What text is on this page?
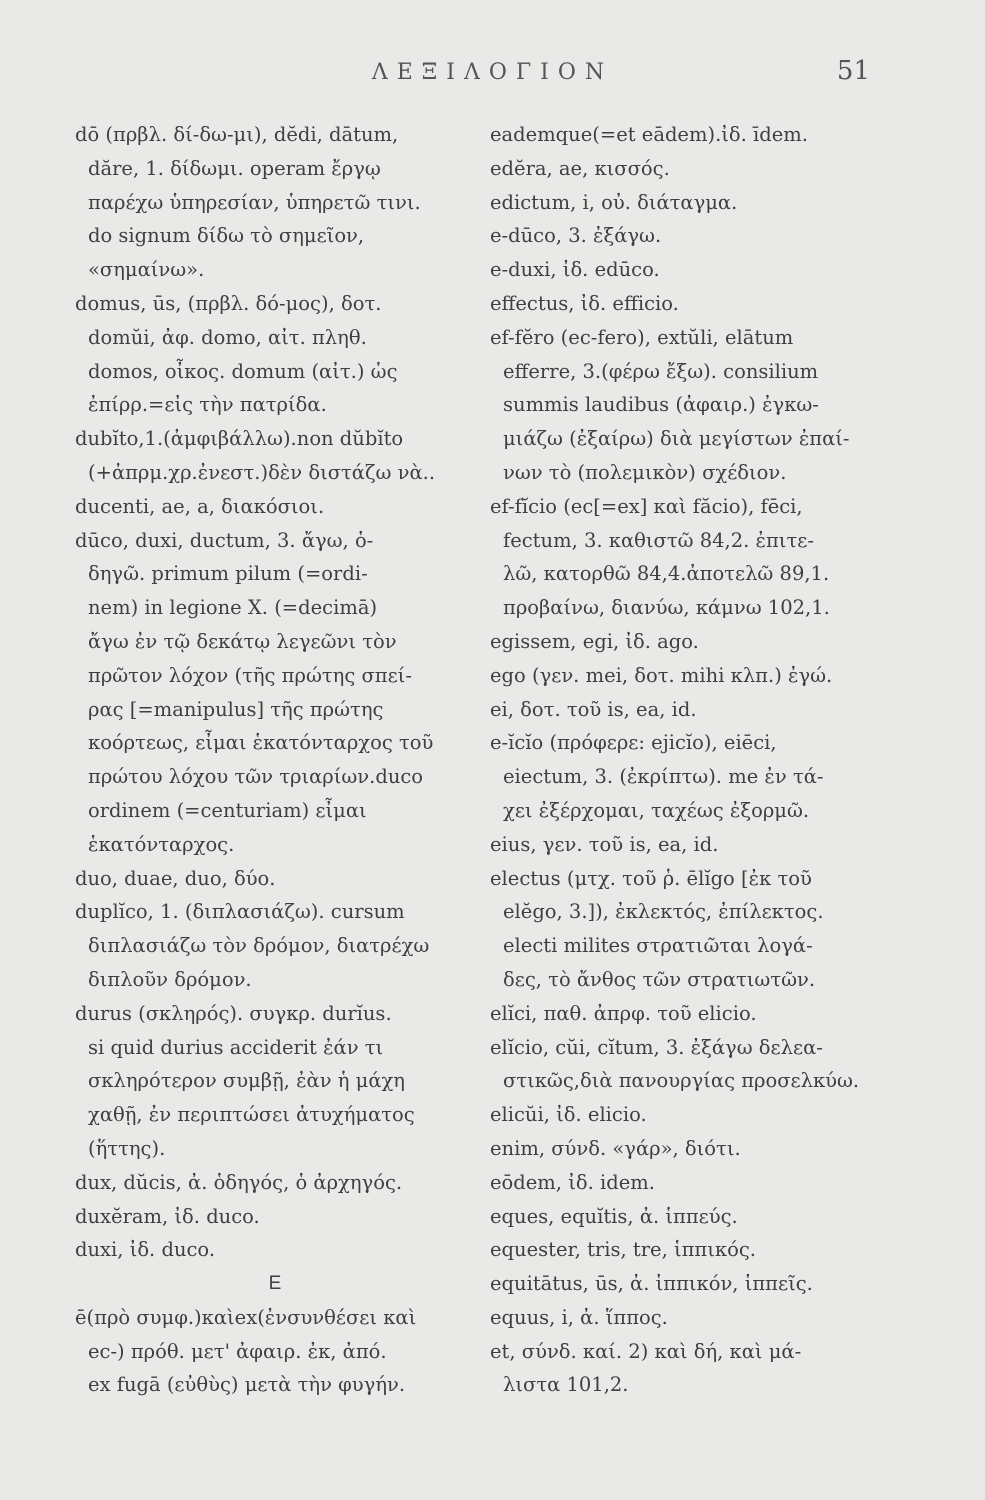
ΛΕΞΙΛΟΓΙΟΝ	51
dō (πρβλ. δί-δω-μι), dĕdi, dātum,
dăre, 1. δίδωμι. operam ἔργῳ
παρέχω ὑπηρεσίαν, ὑπηρετῶ τινι.
do signum δίδω τὸ σημεῖον,
«σημαίνω».
domus, ūs, (πρβλ. δό-μος), δοτ.
domŭi, ἀφ. domo, αἰτ. πληθ.
domos, οἶκος. domum (αἰτ.) ὡς
ἐπίρρ.=εἰς τὴν πατρίδα.
dubĭto,1.(ἀμφιβάλλω).non dŭbĭto
(+ἀπρμ.χρ.ἐνεστ.)δὲν διστάζω νὰ..
ducenti, ae, a, διακόσιοι.
dūco, duxi, ductum, 3. ἄγω, ὁ-
δηγῶ. primum pilum (=ordi-
nem) in legione X. (=decimā)
ἄγω ἐν τῷ δεκάτῳ λεγεῶνι τὸν
πρῶτον λόχον (τῆς πρώτης σπεί-
ρας [=manipulus] τῆς πρώτης
κοόρτεως, εἶμαι ἑκατόνταρχος τοῦ
πρώτου λόχου τῶν τριαρίων.duco
ordinem (=centuriam) εἶμαι
ἑκατόνταρχος.
duo, duae, duo, δύο.
duplĭco, 1. (διπλασιάζω). cursum
διπλασιάζω τὸν δρόμον, διατρέχω
διπλοῦν δρόμον.
durus (σκληρός). συγκρ. durĭus.
si quid durius acciderit ἐάν τι
σκληρότερον συμβῇ, ἐὰν ἡ μάχη
χαθῇ, ἐν περιπτώσει ἀτυχήματος
(ἥττης).
dux, dŭcis, ἀ. ὁδηγός, ὁ ἀρχηγός.
duxĕram, ἰδ. duco.
duxi, ἰδ. duco.
E
ē(πρὸ συμφ.)καὶex(ἐνσυνθέσει καὶ
ec-) πρόθ. μετ' ἀφαιρ. ἐκ, ἀπό.
ex fugā (εὐθὺς) μετὰ τὴν φυγήν.
eademque(=et eādem).ἰδ. īdem.
edĕra, ae, κισσός.
edictum, i, οὐ. διάταγμα.
e-dūco, 3. ἐξάγω.
e-duxi, ἰδ. edūco.
effectus, ἰδ. efficio.
ef-fĕro (ec-fero), extŭli, elātum
efferre, 3.(φέρω ἔξω). consilium
summis laudibus (ἀφαιρ.) ἐγκω-
μιάζω (ἐξαίρω) διὰ μεγίστων ἐπαί-
νων τὸ (πολεμικὸν) σχέδιον.
ef-fĭcio (ec[=ex] καὶ făcio), fēci,
fectum, 3. καθιστῶ 84,2. ἐπιτε-
λῶ, κατορθῶ 84,4.ἀποτελῶ 89,1.
προβαίνω, διανύω, κάμνω 102,1.
egissem, egi, ἰδ. ago.
ego (γεν. mei, δοτ. mihi κλπ.) ἐγώ.
ei, δοτ. τοῦ is, ea, id.
e-ĭcĭo (πρόφερε: ejicĭo), eiēci,
eiectum, 3. (ἐκρίπτω). me ἐν τά-
χει ἐξέρχομαι, ταχέως ἐξορμῶ.
eius, γεν. τοῦ is, ea, id.
electus (μτχ. τοῦ ῥ. ēlĭgo [ἐκ τοῦ
elĕgo, 3.]), ἐκλεκτός, ἐπίλεκτος.
electi milites στρατιῶται λογά-
δες, τὸ ἄνθος τῶν στρατιωτῶν.
elĭci, παθ. ἀπρφ. τοῦ elicio.
elĭcio, cŭi, cĭtum, 3. ἐξάγω δελεα-
στικῶς,διὰ πανουργίας προσελκύω.
elicŭi, ἰδ. elicio.
enim, σύνδ. «γάρ», διότι.
eōdem, ἰδ. idem.
eques, equĭtis, ἀ. ἱππεύς.
equester, tris, tre, ἱππικός.
equitātus, ūs, ἀ. ἱππικόν, ἱππεῖς.
equus, i, ἀ. ἵππος.
et, σύνδ. καί. 2) καὶ δή, καὶ μά-
λιστα 101,2.
